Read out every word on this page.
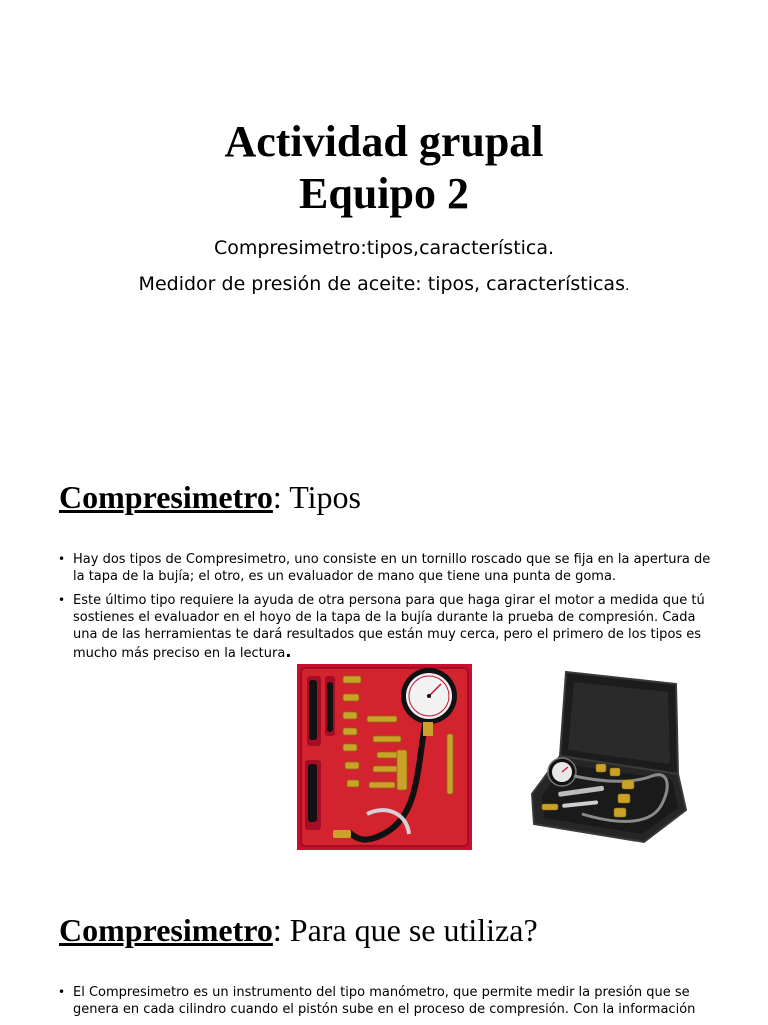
Actividad grupal
Equipo 2
Compresimetro:tipos,característica.
Medidor de presión de aceite: tipos, características.
Compresimetro: Tipos
• Hay dos tipos de Compresimetro, uno consiste en un tornillo roscado que se fija en la apertura de la tapa de la bujía; el otro, es un evaluador de mano que tiene una punta de goma.
• Este último tipo requiere la ayuda de otra persona para que haga girar el motor a medida que tú sostienes el evaluador en el hoyo de la tapa de la bujía durante la prueba de compresión. Cada una de las herramientas te dará resultados que están muy cerca, pero el primero de los tipos es mucho más preciso en la lectura.
Compresimetro: Para que se utiliza?
• El Compresimetro es un instrumento del tipo manómetro, que permite medir la presión que se genera en cada cilindro cuando el pistón sube en el proceso de compresión. Con la información
